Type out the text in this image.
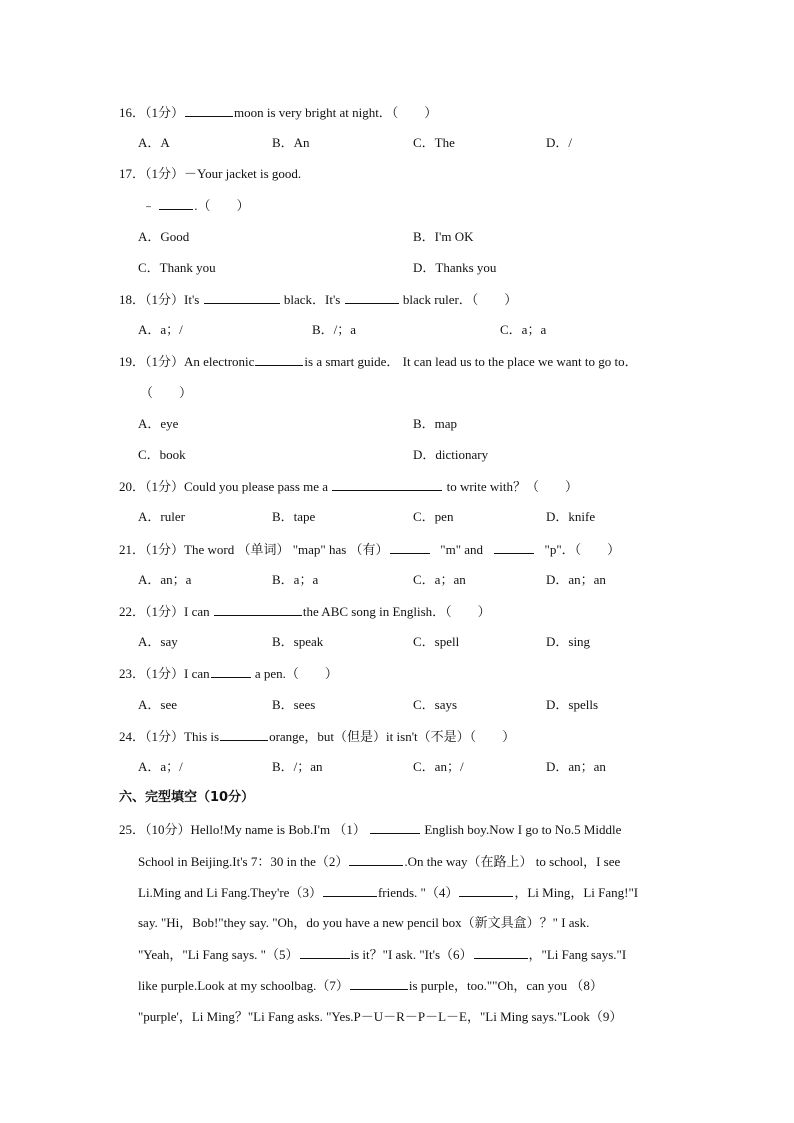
16．（1分）	moon is very bright at night．（　　）
A．A	B．An	C．The	D．/
17．（1分）－Your jacket is good.
﹣	.（　　）
A．Good	B．I'm OK
C．Thank you	D．Thanks you
18．（1分）It's	black．It's	black ruler．（　　）
A．a；/	B．/；a	C．a；a
19．（1分）An electronic	is a smart guide． It can lead us to the place we want to go to．
（　　）
A．eye	B．map
C．book	D．dictionary
20．（1分）Could you please pass me a	to write with？（　　）
A．ruler	B．tape	C．pen	D．knife
21．（1分）The word （单词） "map" has （有）	"m" and	"p"．（　　）
A．an；a	B．a；a	C．a；an	D．an；an
22．（1分）I can	the ABC song in English．（　　）
A．say	B．speak	C．spell	D．sing
23．（1分）I can	a pen.（　　）
A．see	B．sees	C．says	D．spells
24．（1分）This is	orange，but（但是）it isn't（不是）（　　）
A．a；/	B．/；an	C．an；/	D．an；an
六、完型填空（10分）
25．（10分）Hello!My name is Bob.I'm （1）	English boy.Now I go to No.5 Middle
School in Beijing.It's 7：30 in the（2）	.On the way（在路上） to school，I see
Li.Ming and Li Fang.They're（3）	friends. "（4）	，Li Ming，Li Fang!"I
say. "Hi，Bob!"they say. "Oh，do you have a new pencil box（新文具盒）？" I ask.
"Yeah，"Li Fang says. "（5）	is it？"I ask. "It's（6）	，"Li Fang says."I
like purple.Look at my schoolbag.（7）	is purple，too.""Oh，can you （8）
"purple'，Li Ming？"Li Fang asks. "Yes.P－U－R－P－L－E，"Li Ming says."Look（9）
